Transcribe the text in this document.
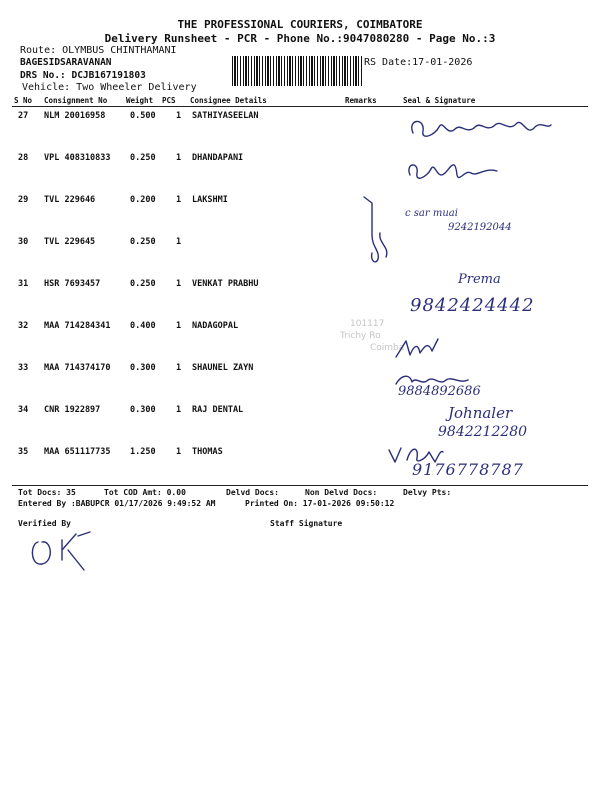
THE PROFESSIONAL COURIERS, COIMBATORE
Delivery Runsheet - PCR - Phone No.:9047080280 - Page No.:3
Route: OLYMBUS CHINTHAMANI
BAGESIDSARAVANAN	RS Date:17-01-2026
DRS No.: DCJB167191803
Vehicle: Two Wheeler Delivery
S No Consignment No	Weight PCS Consignee Details	Remarks	Seal & Signature
27 NLM 20016958	0.500 1 SATHIYASEELAN
28 VPL 408310833 0.250 1 DHANDAPANI
29 TVL 229646	0.200 1 LAKSHMI
30 TVL 229645	0.250 1
31 HSR 7693457	0.250 1 VENKAT PRABHU
32 MAA 714284341 0.400 1 NADAGOPAL
33 MAA 714374170 0.300 1 SHAUNEL ZAYN
34 CNR 1922897	0.300 1 RAJ DENTAL
35 MAA 651117735 1.250 1 THOMAS
101117
Trichy Ro
Coimba
c sar muai
9242192044
Prema
9842424442
9884892686
Johnaler
9842212280
9176778787
Tot Docs: 35	Tot COD Amt: 0.00	Delvd Docs:	Non Delvd Docs:	Delvy Pts:
Entered By :BABUPCR 01/17/2026 9:49:52 AM	Printed On: 17-01-2026 09:50:12
Verified By	Staff Signature
